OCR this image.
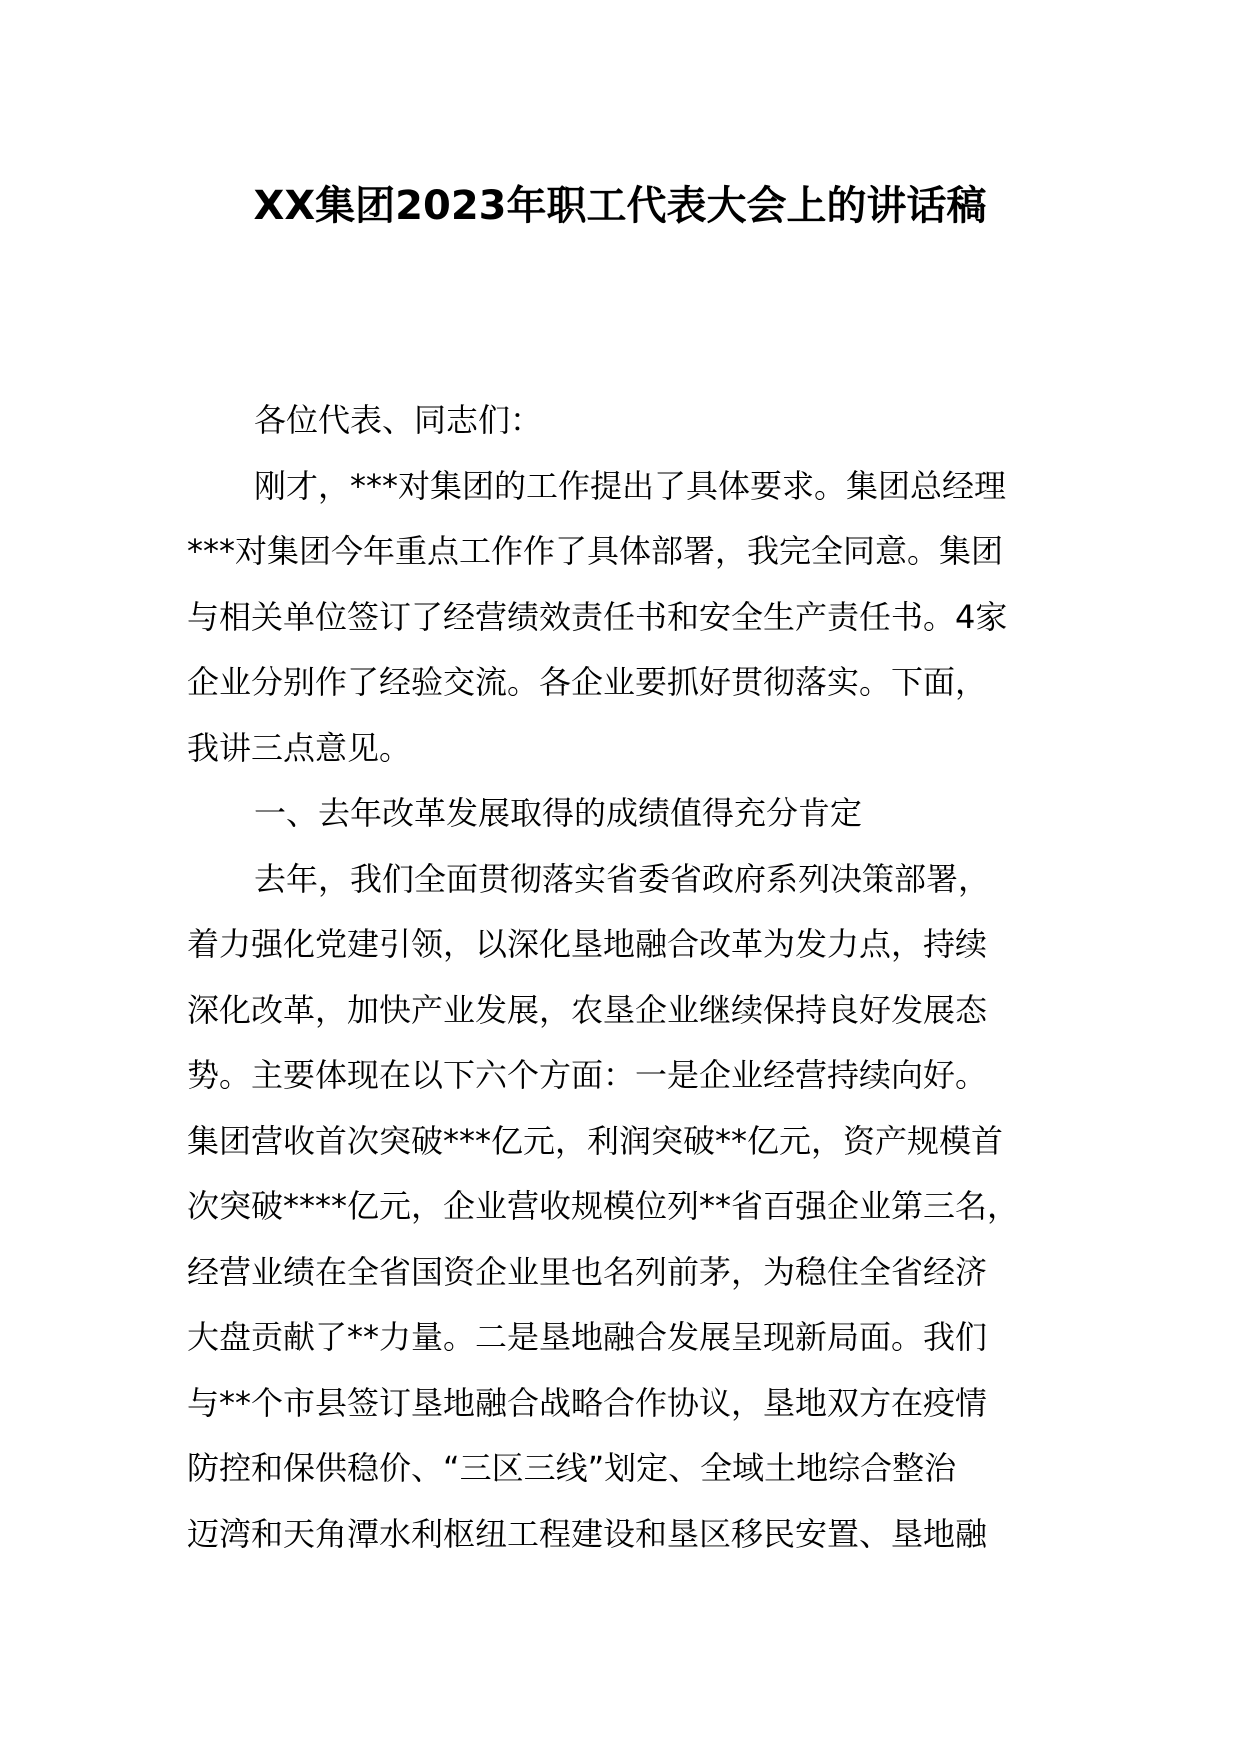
XX集团2023年职工代表大会上的讲话稿
各位代表、同志们：
刚才，***对集团的工作提出了具体要求。集团总经理
***对集团今年重点工作作了具体部署，我完全同意。集团
与相关单位签订了经营绩效责任书和安全生产责任书。4家
企业分别作了经验交流。各企业要抓好贯彻落实。下面，
我讲三点意见。
一、去年改革发展取得的成绩值得充分肯定
去年，我们全面贯彻落实省委省政府系列决策部署，
着力强化党建引领，以深化垦地融合改革为发力点，持续
深化改革，加快产业发展，农垦企业继续保持良好发展态
势。主要体现在以下六个方面：一是企业经营持续向好。
集团营收首次突破***亿元，利润突破**亿元，资产规模首
次突破****亿元，企业营收规模位列**省百强企业第三名，
经营业绩在全省国资企业里也名列前茅，为稳住全省经济
大盘贡献了**力量。二是垦地融合发展呈现新局面。我们
与**个市县签订垦地融合战略合作协议，垦地双方在疫情
防控和保供稳价、“三区三线”划定、全域土地综合整治
迈湾和天角潭水利枢纽工程建设和垦区移民安置、垦地融
